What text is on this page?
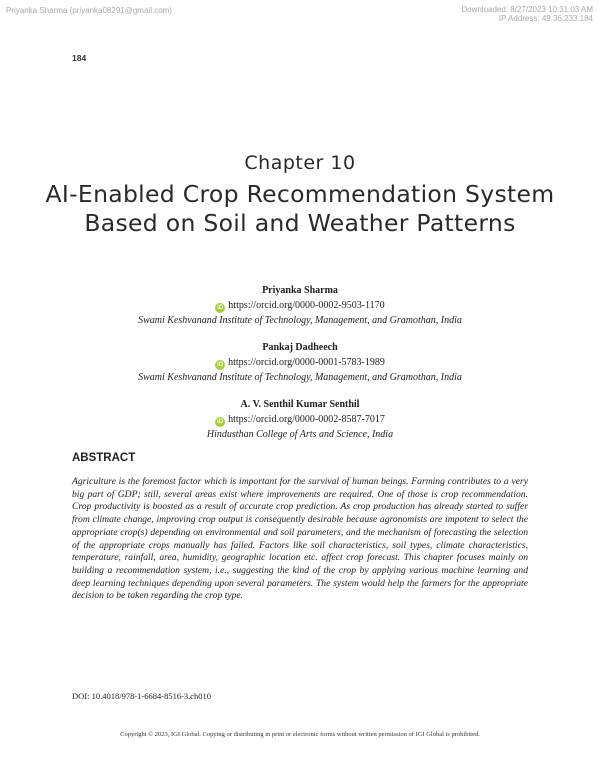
Priyanka Sharma (priyanka08291@gmail.com)	Downloaded: 8/27/2023 10:31:03 AM
IP Address: 49.36.233.184
184
Chapter 10
AI-Enabled Crop Recommendation System Based on Soil and Weather Patterns
Priyanka Sharma
iD https://orcid.org/0000-0002-9503-1170
Swami Keshvanand Institute of Technology, Management, and Gramothan, India
Pankaj Dadheech
iD https://orcid.org/0000-0001-5783-1989
Swami Keshvanand Institute of Technology, Management, and Gramothan, India
A. V. Senthil Kumar Senthil
iD https://orcid.org/0000-0002-8587-7017
Hindusthan College of Arts and Science, India
ABSTRACT

Agriculture is the foremost factor which is important for the survival of human beings. Farming contributes to a very big part of GDP; still, several areas exist where improvements are required. One of those is crop recommendation. Crop productivity is boosted as a result of accurate crop prediction. As crop production has already started to suffer from climate change, improving crop output is consequently desirable because agronomists are impotent to select the appropriate crop(s) depending on environmental and soil parameters, and the mechanism of forecasting the selection of the appropriate crops manually has failed. Factors like soil characteristics, soil types, climate characteristics, temperature, rainfall, area, humidity, geographic location etc. affect crop forecast. This chapter focuses mainly on building a recommendation system, i.e., suggesting the kind of the crop by applying various machine learning and deep learning techniques depending upon several parameters. The system would help the farmers for the appropriate decision to be taken regarding the crop type.

DOI: 10.4018/978-1-6684-8516-3.ch010
Copyright © 2023, IGI Global. Copying or distributing in print or electronic forms without written permission of IGI Global is prohibited.
